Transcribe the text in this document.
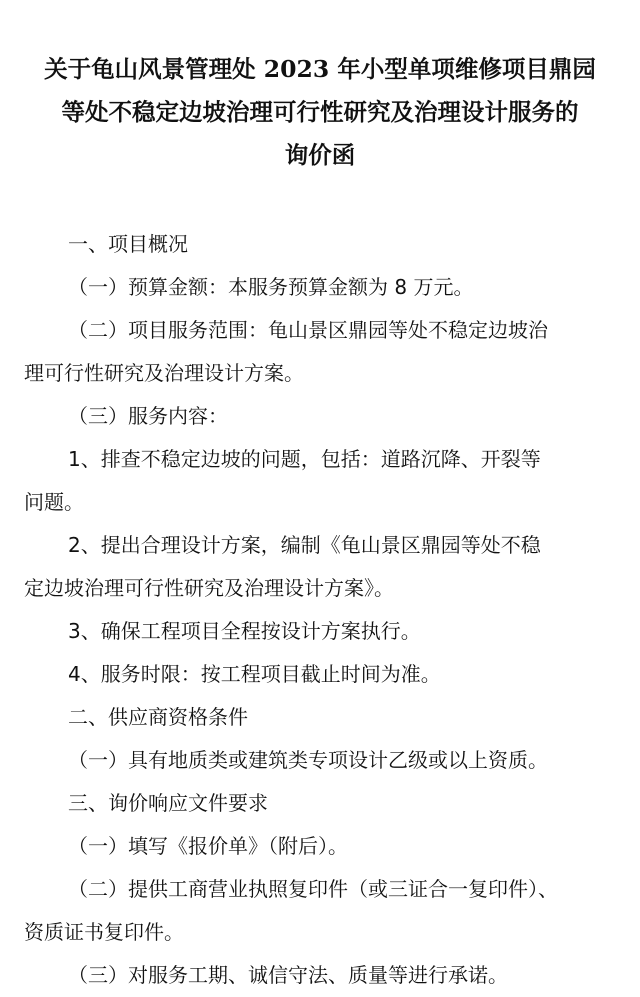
关于龟山风景管理处 2023 年小型单项维修项目鼎园
等处不稳定边坡治理可行性研究及治理设计服务的
询价函

一、项目概况

（一）预算金额：本服务预算金额为 8 万元。

（二）项目服务范围：龟山景区鼎园等处不稳定边坡治
理可行性研究及治理设计方案。

（三）服务内容：

1、排查不稳定边坡的问题，包括：道路沉降、开裂等
问题。

2、提出合理设计方案，编制《龟山景区鼎园等处不稳
定边坡治理可行性研究及治理设计方案》。

3、确保工程项目全程按设计方案执行。

4、服务时限：按工程项目截止时间为准。

二、供应商资格条件

（一）具有地质类或建筑类专项设计乙级或以上资质。

三、询价响应文件要求

（一）填写《报价单》（附后）。

（二）提供工商营业执照复印件（或三证合一复印件）、
资质证书复印件。

（三）对服务工期、诚信守法、质量等进行承诺。
